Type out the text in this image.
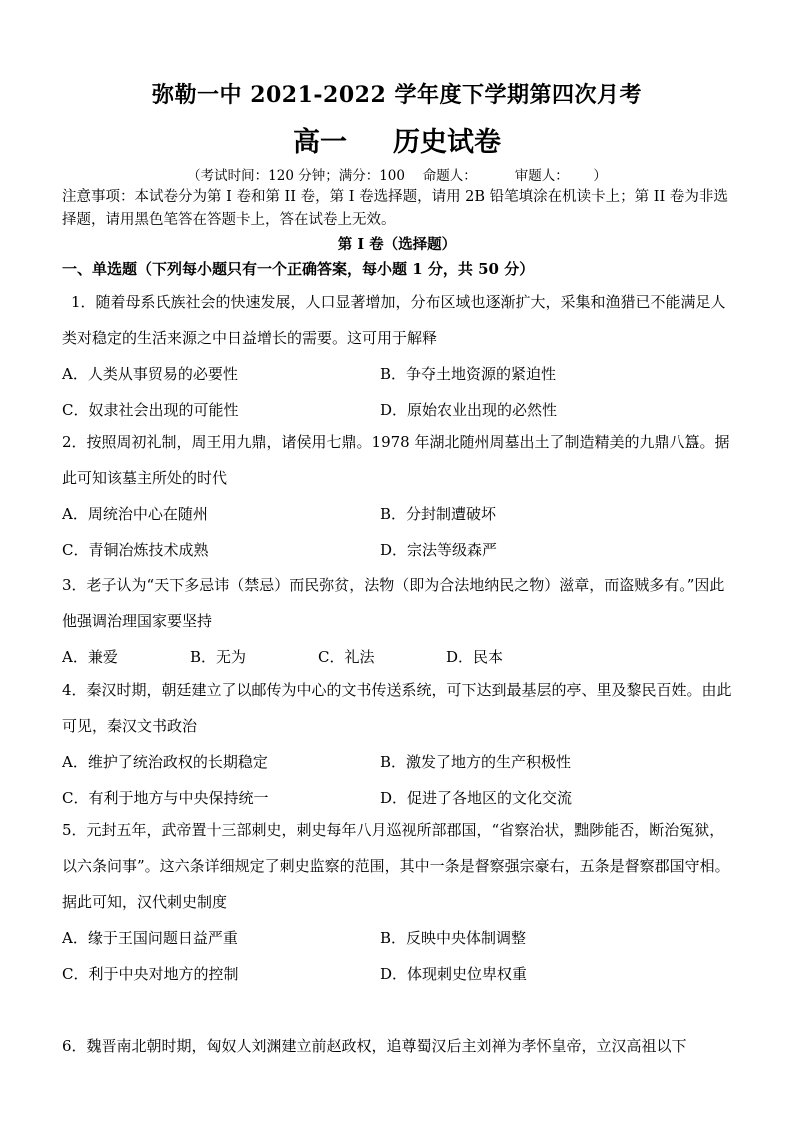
弥勒一中 2021-2022 学年度下学期第四次月考
高一 历史试卷
（考试时间：120 分钟；满分：100　 命题人：　　　 审题人：　　 ）
注意事项：本试卷分为第 I 卷和第 II 卷，第 I 卷选择题，请用 2B 铅笔填涂在机读卡上；第 II 卷为非选择题，请用黑色笔答在答题卡上，答在试卷上无效。
第 I 卷（选择题）
一、单选题（下列每小题只有一个正确答案，每小题 1 分，共 50 分）
1．随着母系氏族社会的快速发展，人口显著增加，分布区域也逐渐扩大，采集和渔猎已不能满足人类对稳定的生活来源之中日益增长的需要。这可用于解释
A．人类从事贸易的必要性	B．争夺土地资源的紧迫性
C．奴隶社会出现的可能性	D．原始农业出现的必然性
2．按照周初礼制，周王用九鼎，诸侯用七鼎。1978 年湖北随州周墓出土了制造精美的九鼎八簋。据此可知该墓主所处的时代
A．周统治中心在随州	B．分封制遭破坏
C．青铜冶炼技术成熟	D．宗法等级森严
3．老子认为“天下多忌讳（禁忌）而民弥贫，法物（即为合法地纳民之物）滋章，而盗贼多有。”因此他强调治理国家要坚持
A．兼爱	B．无为	C．礼法	D．民本
4．秦汉时期，朝廷建立了以邮传为中心的文书传送系统，可下达到最基层的亭、里及黎民百姓。由此可见，秦汉文书政治
A．维护了统治政权的长期稳定	B．激发了地方的生产积极性
C．有利于地方与中央保持统一	D．促进了各地区的文化交流
5．元封五年，武帝置十三部刺史，刺史每年八月巡视所部郡国，“省察治状，黜陟能否，断治冤狱，以六条问事”。这六条详细规定了刺史监察的范围，其中一条是督察强宗豪右，五条是督察郡国守相。据此可知，汉代刺史制度
A．缘于王国问题日益严重	B．反映中央体制调整
C．利于中央对地方的控制	D．体现刺史位卑权重
6．魏晋南北朝时期，匈奴人刘渊建立前赵政权，追尊蜀汉后主刘禅为孝怀皇帝，立汉高祖以下
